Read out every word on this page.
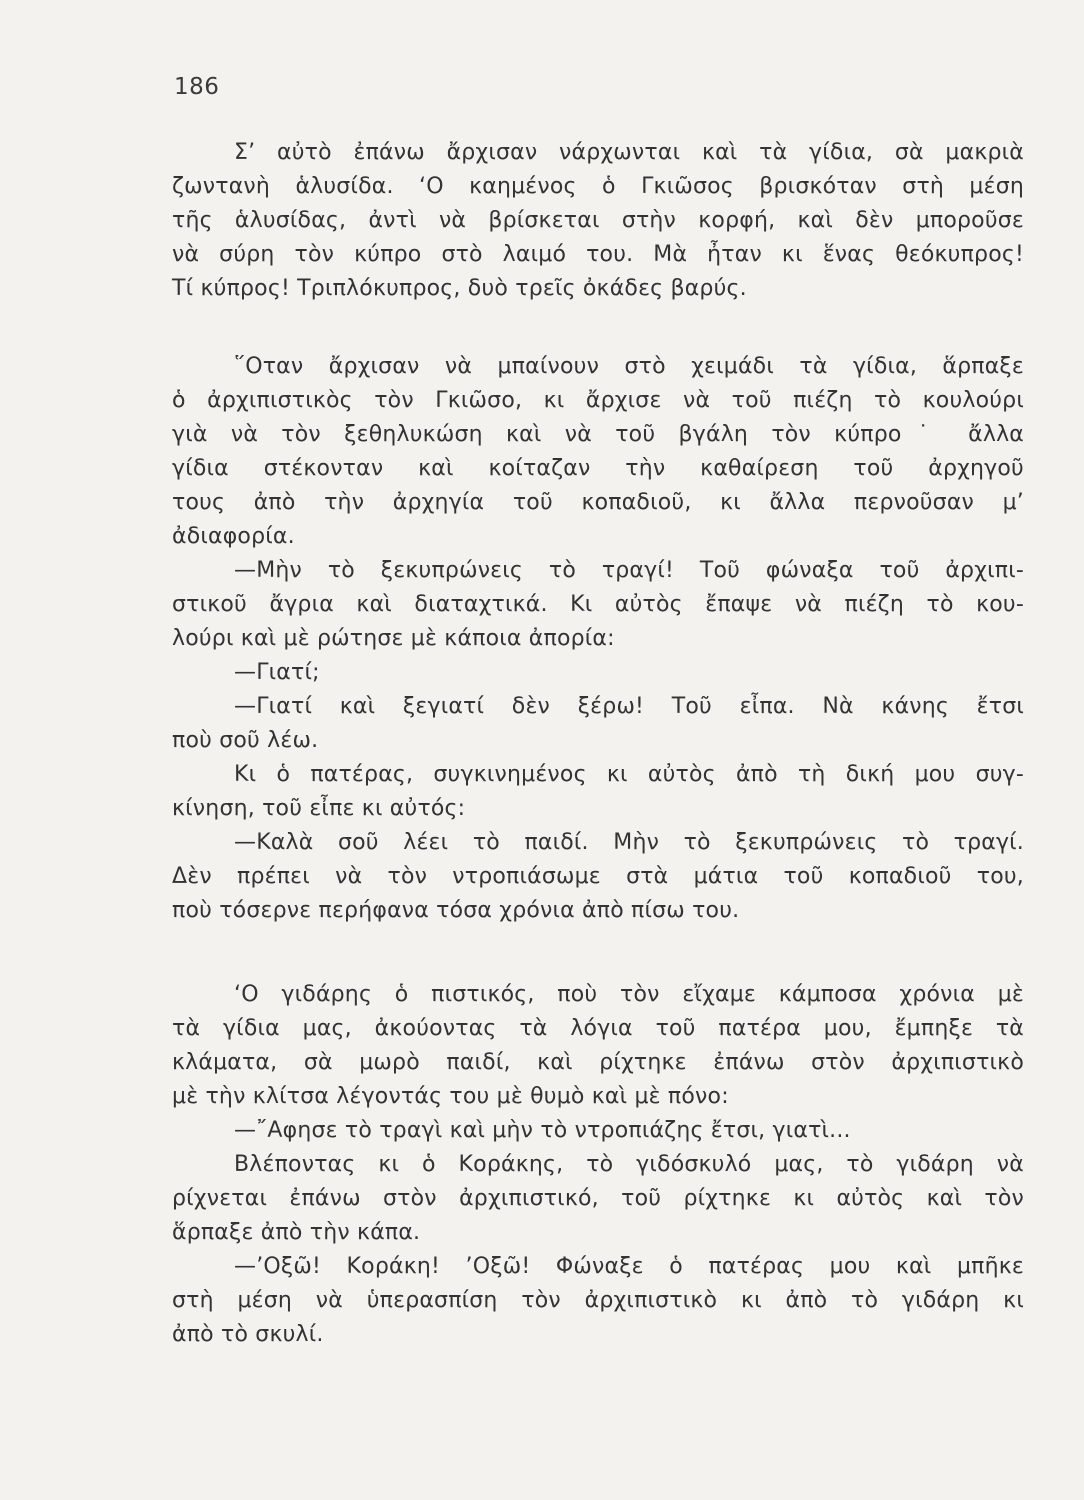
186
Σ’ αὐτὸ ἐπάνω ἄρχισαν νάρχωνται καὶ τὰ γίδια, σὰ μακριὰ
ζωντανὴ ἁλυσίδα. ‘Ο καημένος ὁ Γκιῶσος βρισκόταν στὴ μέση
τῆς ἁλυσίδας, ἀντὶ νὰ βρίσκεται στὴν κορφή, καὶ δὲν μποροῦσε
νὰ σύρη τὸν κύπρο στὸ λαιμό του. Μὰ ἦταν κι ἕνας θεόκυπρος!
Τί κύπρος! Τριπλόκυπρος, δυὸ τρεῖς ὀκάδες βαρύς.
῞Οταν ἄρχισαν νὰ μπαίνουν στὸ χειμάδι τὰ γίδια, ἅρπαξε
ὁ ἀρχιπιστικὸς τὸν Γκιῶσο, κι ἄρχισε νὰ τοῦ πιέζη τὸ κουλούρι
γιὰ νὰ τὸν ξεθηλυκώση καὶ νὰ τοῦ βγάλη τὸν κύπρο˙ ἄλλα
γίδια στέκονταν καὶ κοίταζαν τὴν καθαίρεση τοῦ ἀρχηγοῦ
τους ἀπὸ τὴν ἀρχηγία τοῦ κοπαδιοῦ, κι ἄλλα περνοῦσαν μ’
ἀδιαφορία.
—Μὴν τὸ ξεκυπρώνεις τὸ τραγί! Τοῦ φώναξα τοῦ ἀρχιπι-
στικοῦ ἄγρια καὶ διαταχτικά. Κι αὐτὸς ἔπαψε νὰ πιέζη τὸ κου-
λούρι καὶ μὲ ρώτησε μὲ κάποια ἀπορία:
—Γιατί;
—Γιατί καὶ ξεγιατί δὲν ξέρω! Τοῦ εἶπα. Νὰ κάνης ἔτσι
ποὺ σοῦ λέω.
Κι ὁ πατέρας, συγκινημένος κι αὐτὸς ἀπὸ τὴ δική μου συγ-
κίνηση, τοῦ εἶπε κι αὐτός:
—Καλὰ σοῦ λέει τὸ παιδί. Μὴν τὸ ξεκυπρώνεις τὸ τραγί.
Δὲν πρέπει νὰ τὸν ντροπιάσωμε στὰ μάτια τοῦ κοπαδιοῦ του,
ποὺ τόσερνε περήφανα τόσα χρόνια ἀπὸ πίσω του.
‘Ο γιδάρης ὁ πιστικός, ποὺ τὸν εἴχαμε κάμποσα χρόνια μὲ
τὰ γίδια μας, ἀκούοντας τὰ λόγια τοῦ πατέρα μου, ἔμπηξε τὰ
κλάματα, σὰ μωρὸ παιδί, καὶ ρίχτηκε ἐπάνω στὸν ἀρχιπιστικὸ
μὲ τὴν κλίτσα λέγοντάς του μὲ θυμὸ καὶ μὲ πόνο:
—῎Αφησε τὸ τραγὶ καὶ μὴν τὸ ντροπιάζης ἔτσι, γιατὶ...
Βλέποντας κι ὁ Κοράκης, τὸ γιδόσκυλό μας, τὸ γιδάρη νὰ
ρίχνεται ἐπάνω στὸν ἀρχιπιστικό, τοῦ ρίχτηκε κι αὐτὸς καὶ τὸν
ἅρπαξε ἀπὸ τὴν κάπα.
—’Οξῶ! Κοράκη! ’Οξῶ! Φώναξε ὁ πατέρας μου καὶ μπῆκε
στὴ μέση νὰ ὑπερασπίση τὸν ἀρχιπιστικὸ κι ἀπὸ τὸ γιδάρη κι
ἀπὸ τὸ σκυλί.
